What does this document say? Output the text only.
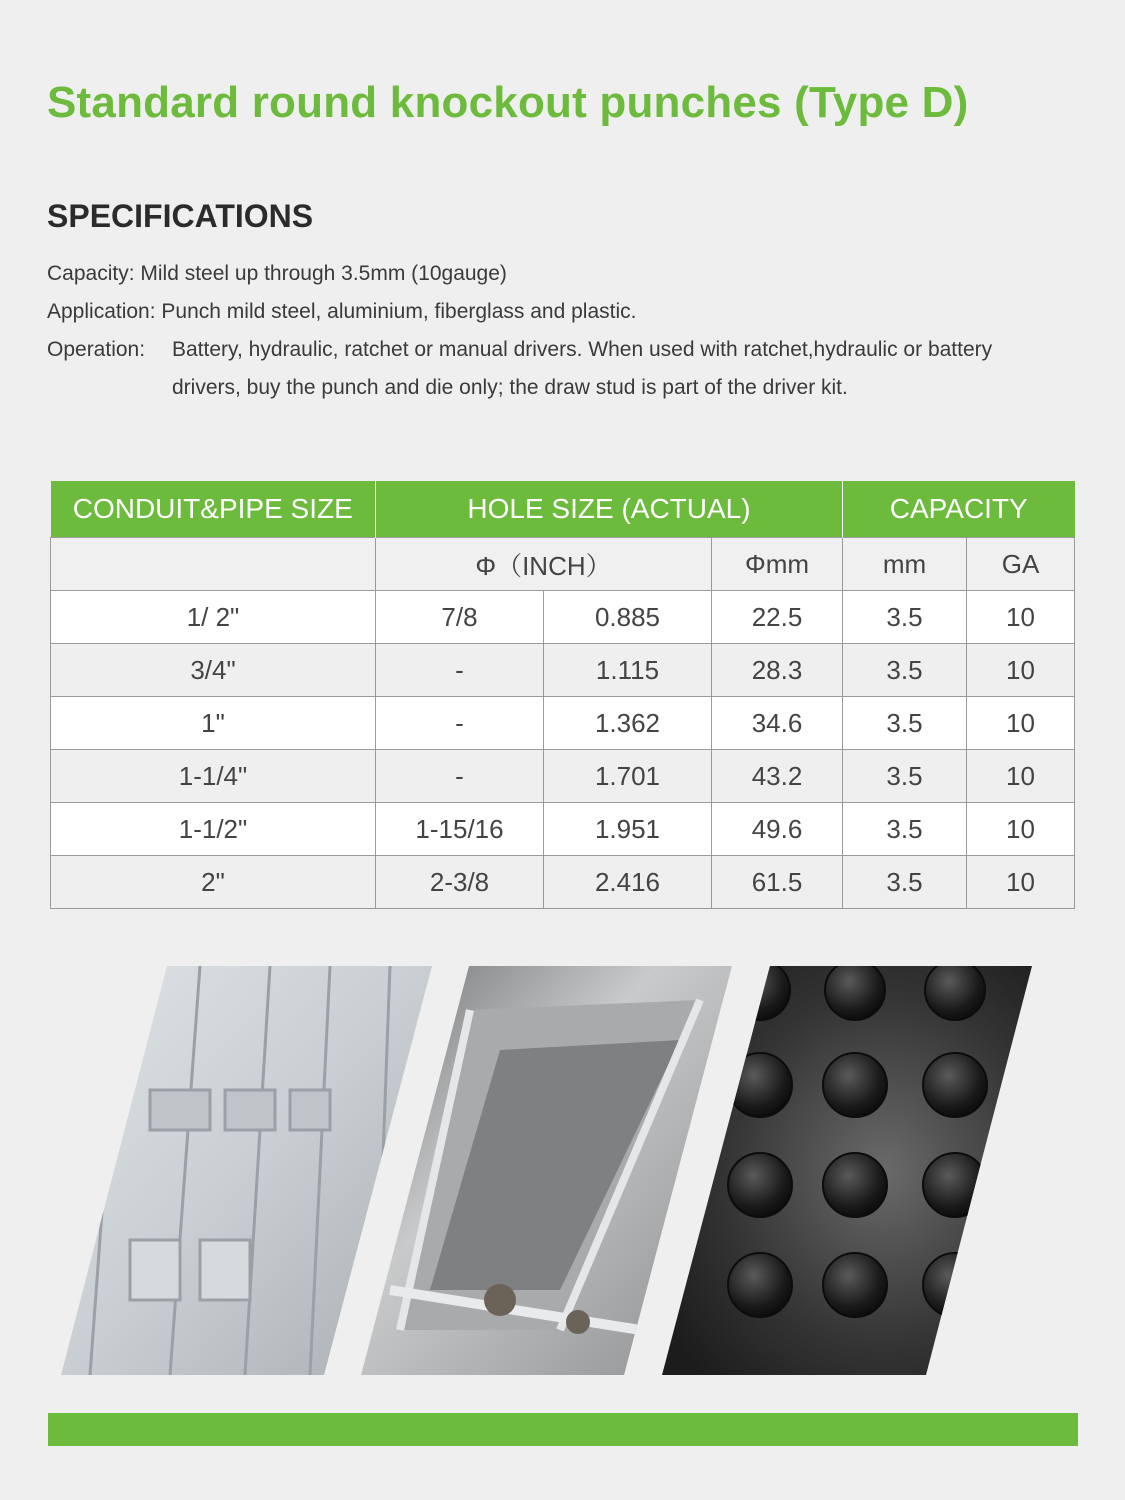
Standard round knockout punches (Type D)
SPECIFICATIONS
Capacity: Mild steel up through 3.5mm (10gauge)
Application: Punch mild steel, aluminium, fiberglass and plastic.
Operation:	Battery, hydraulic, ratchet or manual drivers. When used with ratchet,hydraulic or battery drivers, buy the punch and die only; the draw stud is part of the driver kit.
CONDUIT&PIPE SIZE	HOLE SIZE (ACTUAL)			CAPACITY	
	Φ（INCH）		Φmm	mm	GA
1/ 2"	7/8	0.885	22.5	3.5	10
3/4"	-	1.115	28.3	3.5	10
1"	-	1.362	34.6	3.5	10
1-1/4"	-	1.701	43.2	3.5	10
1-1/2"	1-15/16	1.951	49.6	3.5	10
2"	2-3/8	2.416	61.5	3.5	10
